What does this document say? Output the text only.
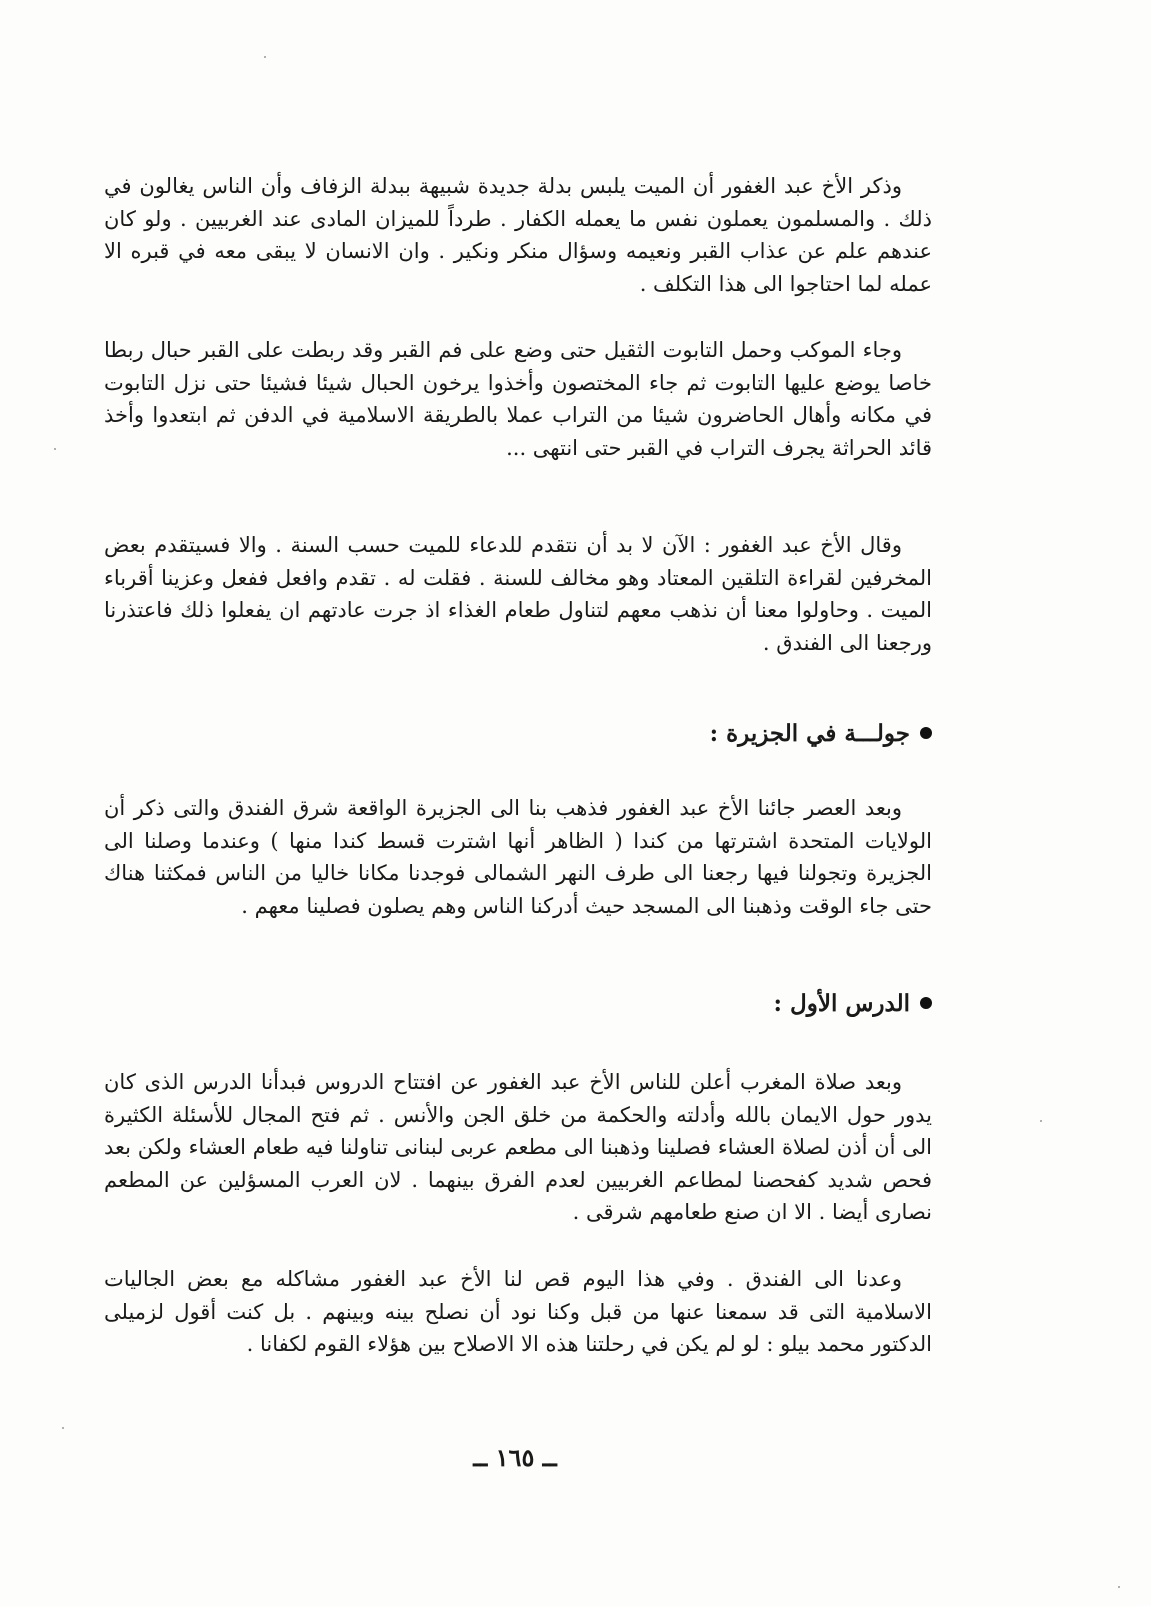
وذكر الأخ عبد الغفور أن الميت يلبس بدلة جديدة شبيهة ببدلة الزفاف وأن الناس يغالون في ذلك . والمسلمون يعملون نفس ما يعمله الكفار . طرداً للميزان المادى عند الغربيين . ولو كان عندهم علم عن عذاب القبر ونعيمه وسؤال منكر ونكير . وان الانسان لا يبقى معه في قبره الا عمله لما احتاجوا الى هذا التكلف .

وجاء الموكب وحمل التابوت الثقيل حتى وضع على فم القبر وقد ربطت على القبر حبال ربطا خاصا يوضع عليها التابوت ثم جاء المختصون وأخذوا يرخون الحبال شيئا فشيئا حتى نزل التابوت في مكانه وأهال الحاضرون شيئا من التراب عملا بالطريقة الاسلامية في الدفن ثم ابتعدوا وأخذ قائد الحراثة يجرف التراب في القبر حتى انتهى ...

وقال الأخ عبد الغفور : الآن لا بد أن نتقدم للدعاء للميت حسب السنة . والا فسيتقدم بعض المخرفين لقراءة التلقين المعتاد وهو مخالف للسنة . فقلت له . تقدم وافعل ففعل وعزينا أقرباء الميت . وحاولوا معنا أن نذهب معهم لتناول طعام الغذاء اذ جرت عادتهم ان يفعلوا ذلك فاعتذرنا ورجعنا الى الفندق .

جولـــة في الجزيرة :

وبعد العصر جائنا الأخ عبد الغفور فذهب بنا الى الجزيرة الواقعة شرق الفندق والتى ذكر أن الولايات المتحدة اشترتها من كندا ( الظاهر أنها اشترت قسط كندا منها ) وعندما وصلنا الى الجزيرة وتجولنا فيها رجعنا الى طرف النهر الشمالى فوجدنا مكانا خاليا من الناس فمكثنا هناك حتى جاء الوقت وذهبنا الى المسجد حيث أدركنا الناس وهم يصلون فصلينا معهم .

الدرس الأول :

وبعد صلاة المغرب أعلن للناس الأخ عبد الغفور عن افتتاح الدروس فبدأنا الدرس الذى كان يدور حول الايمان بالله وأدلته والحكمة من خلق الجن والأنس . ثم فتح المجال للأسئلة الكثيرة الى أن أذن لصلاة العشاء فصلينا وذهبنا الى مطعم عربى لبنانى تناولنا فيه طعام العشاء ولكن بعد فحص شديد كفحصنا لمطاعم الغربيين لعدم الفرق بينهما . لان العرب المسؤلين عن المطعم نصارى أيضا . الا ان صنع طعامهم شرقى .

وعدنا الى الفندق . وفي هذا اليوم قص لنا الأخ عبد الغفور مشاكله مع بعض الجاليات الاسلامية التى قد سمعنا عنها من قبل وكنا نود أن نصلح بينه وبينهم . بل كنت أقول لزميلى الدكتور محمد بيلو : لو لم يكن في رحلتنا هذه الا الاصلاح بين هؤلاء القوم لكفانا .

ــ ١٦٥ ــ
